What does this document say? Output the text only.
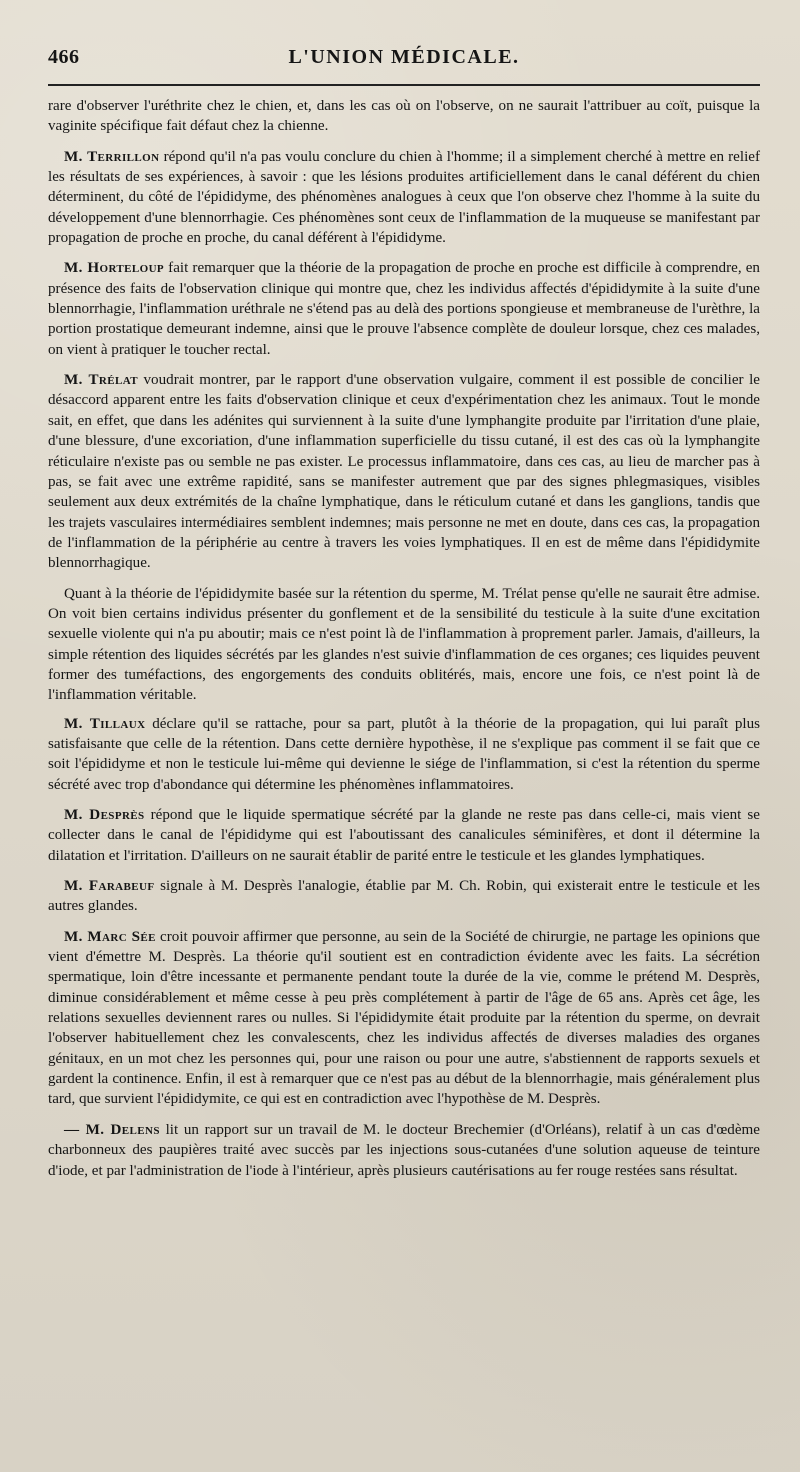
466	L'UNION MÉDICALE.

rare d'observer l'uréthrite chez le chien, et, dans les cas où on l'observe, on ne saurait l'attribuer au coït, puisque la vaginite spécifique fait défaut chez la chienne.

M. Terrillon répond qu'il n'a pas voulu conclure du chien à l'homme; il a simplement cherché à mettre en relief les résultats de ses expériences, à savoir : que les lésions produites artificiellement dans le canal déférent du chien déterminent, du côté de l'épididyme, des phénomènes analogues à ceux que l'on observe chez l'homme à la suite du développement d'une blennorrhagie. Ces phénomènes sont ceux de l'inflammation de la muqueuse se manifestant par propagation de proche en proche, du canal déférent à l'épididyme.

M. Horteloup fait remarquer que la théorie de la propagation de proche en proche est difficile à comprendre, en présence des faits de l'observation clinique qui montre que, chez les individus affectés d'épididymite à la suite d'une blennorrhagie, l'inflammation uréthrale ne s'étend pas au delà des portions spongieuse et membraneuse de l'urèthre, la portion prostatique demeurant indemne, ainsi que le prouve l'absence complète de douleur lorsque, chez ces malades, on vient à pratiquer le toucher rectal.

M. Trélat voudrait montrer, par le rapport d'une observation vulgaire, comment il est possible de concilier le désaccord apparent entre les faits d'observation clinique et ceux d'expérimentation chez les animaux. Tout le monde sait, en effet, que dans les adénites qui surviennent à la suite d'une lymphangite produite par l'irritation d'une plaie, d'une blessure, d'une excoriation, d'une inflammation superficielle du tissu cutané, il est des cas où la lymphangite réticulaire n'existe pas ou semble ne pas exister. Le processus inflammatoire, dans ces cas, au lieu de marcher pas à pas, se fait avec une extrême rapidité, sans se manifester autrement que par des signes phlegmasiques, visibles seulement aux deux extrémités de la chaîne lymphatique, dans le réticulum cutané et dans les ganglions, tandis que les trajets vasculaires intermédiaires semblent indemnes; mais personne ne met en doute, dans ces cas, la propagation de l'inflammation de la périphérie au centre à travers les voies lymphatiques. Il en est de même dans l'épididymite blennorrhagique.

Quant à la théorie de l'épididymite basée sur la rétention du sperme, M. Trélat pense qu'elle ne saurait être admise. On voit bien certains individus présenter du gonflement et de la sensibilité du testicule à la suite d'une excitation sexuelle violente qui n'a pu aboutir; mais ce n'est point là de l'inflammation à proprement parler. Jamais, d'ailleurs, la simple rétention des liquides sécrétés par les glandes n'est suivie d'inflammation de ces organes; ces liquides peuvent former des tuméfactions, des engorgements des conduits oblitérés, mais, encore une fois, ce n'est point là de l'inflammation véritable.

M. Tillaux déclare qu'il se rattache, pour sa part, plutôt à la théorie de la propagation, qui lui paraît plus satisfaisante que celle de la rétention. Dans cette dernière hypothèse, il ne s'explique pas comment il se fait que ce soit l'épididyme et non le testicule lui-même qui devienne le siége de l'inflammation, si c'est la rétention du sperme sécrété avec trop d'abondance qui détermine les phénomènes inflammatoires.

M. Desprès répond que le liquide spermatique sécrété par la glande ne reste pas dans celle-ci, mais vient se collecter dans le canal de l'épididyme qui est l'aboutissant des canalicules séminifères, et dont il détermine la dilatation et l'irritation. D'ailleurs on ne saurait établir de parité entre le testicule et les glandes lymphatiques.

M. Farabeuf signale à M. Desprès l'analogie, établie par M. Ch. Robin, qui existerait entre le testicule et les autres glandes.

M. Marc Sée croit pouvoir affirmer que personne, au sein de la Société de chirurgie, ne partage les opinions que vient d'émettre M. Desprès. La théorie qu'il soutient est en contradiction évidente avec les faits. La sécrétion spermatique, loin d'être incessante et permanente pendant toute la durée de la vie, comme le prétend M. Desprès, diminue considérablement et même cesse à peu près complétement à partir de l'âge de 65 ans. Après cet âge, les relations sexuelles deviennent rares ou nulles. Si l'épididymite était produite par la rétention du sperme, on devrait l'observer habituellement chez les convalescents, chez les individus affectés de diverses maladies des organes génitaux, en un mot chez les personnes qui, pour une raison ou pour une autre, s'abstiennent de rapports sexuels et gardent la continence. Enfin, il est à remarquer que ce n'est pas au début de la blennorrhagie, mais généralement plus tard, que survient l'épididymite, ce qui est en contradiction avec l'hypothèse de M. Desprès.

— M. Delens lit un rapport sur un travail de M. le docteur Brechemier (d'Orléans), relatif à un cas d'œdème charbonneux des paupières traité avec succès par les injections sous-cutanées d'une solution aqueuse de teinture d'iode, et par l'administration de l'iode à l'intérieur, après plusieurs cautérisations au fer rouge restées sans résultat.
